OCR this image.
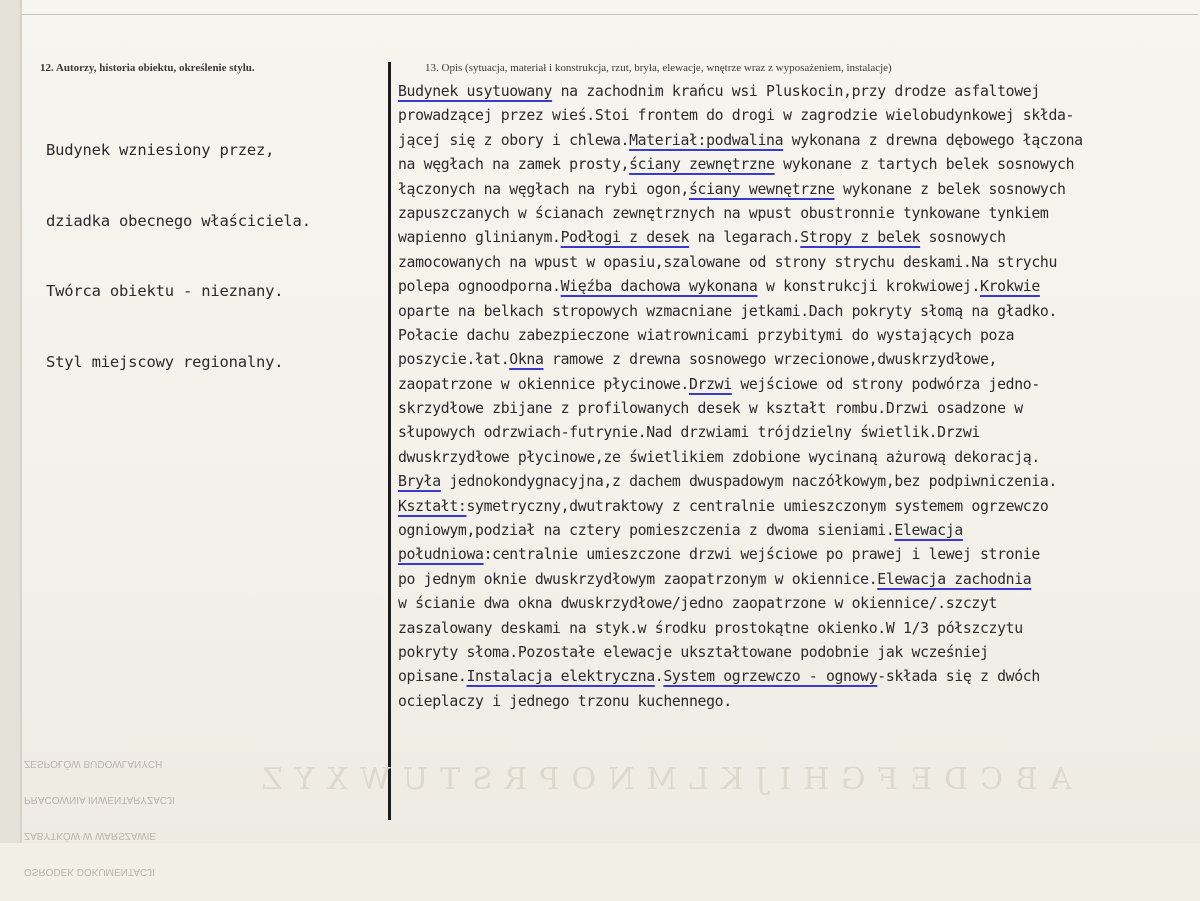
12. Autorzy, historia obiektu, określenie stylu.	13. Opis (sytuacja, materiał i konstrukcja, rzut, bryła, elewacje, wnętrze wraz z wyposażeniem, instalacje)

Budynek wzniesiony przez,

dziadka obecnego właściciela.

Twórca obiektu - nieznany.

Styl miejscowy regionalny.

Budynek usytuowany na zachodnim krańcu wsi Pluskocin,przy drodze asfaltowej
prowadzącej przez wieś.Stoi frontem do drogi w zagrodzie wielobudynkowej skłda-
jącej się z obory i chlewa.Materiał:podwalina wykonana z drewna dębowego łączona
na węgłach na zamek prosty,ściany zewnętrzne wykonane z tartych belek sosnowych
łączonych na węgłach na rybi ogon,ściany wewnętrzne wykonane z belek sosnowych
zapuszczanych w ścianach zewnętrznych na wpust obustronnie tynkowane tynkiem
wapienno glinianym.Podłogi z desek na legarach.Stropy z belek sosnowych
zamocowanych na wpust w opasiu,szalowane od strony strychu deskami.Na strychu
polepa ognoodporna.Więźba dachowa wykonana w konstrukcji krokwiowej.Krokwie
oparte na belkach stropowych wzmacniane jetkami.Dach pokryty słomą na gładko.
Połacie dachu zabezpieczone wiatrownicami przybitymi do wystających poza
poszycie.łat.Okna ramowe z drewna sosnowego wrzecionowe,dwuskrzydłowe,
zaopatrzone w okiennice płycinowe.Drzwi wejściowe od strony podwórza jedno-
skrzydłowe zbijane z profilowanych desek w kształt rombu.Drzwi osadzone w
słupowych odrzwiach-futrynie.Nad drzwiami trójdzielny świetlik.Drzwi
dwuskrzydłowe płycinowe,ze świetlikiem zdobione wycinaną ażurową dekoracją.
Bryła jednokondygnacyjna,z dachem dwuspadowym naczółkowym,bez podpiwniczenia.
Kształt:symetryczny,dwutraktowy z centralnie umieszczonym systemem ogrzewczo
ogniowym,podział na cztery pomieszczenia z dwoma sieniami.Elewacja
południowa:centralnie umieszczone drzwi wejściowe po prawej i lewej stronie
po jednym oknie dwuskrzydłowym zaopatrzonym w okiennice.Elewacja zachodnia
w ścianie dwa okna dwuskrzydłowe/jedno zaopatrzone w okiennice/.szczyt
zaszalowany deskami na styk.w środku prostokątne okienko.W 1/3 półszczytu
pokryty słoma.Pozostałe elewacje ukształtowane podobnie jak wcześniej
opisane.Instalacja elektryczna.System ogrzewczo - ognowy-składa się z dwóch
ocieplaczy i jednego trzonu kuchennego.

OSRODEK DOKUMENTACJI

ZABYTKÓW W WARSZAWIE

PRACOWNIA INWENTARYZACJI

ZESPOŁÓW BUDOWLANYCH	ABCDEFGHIJKLMNOPRSTUWXYZ
